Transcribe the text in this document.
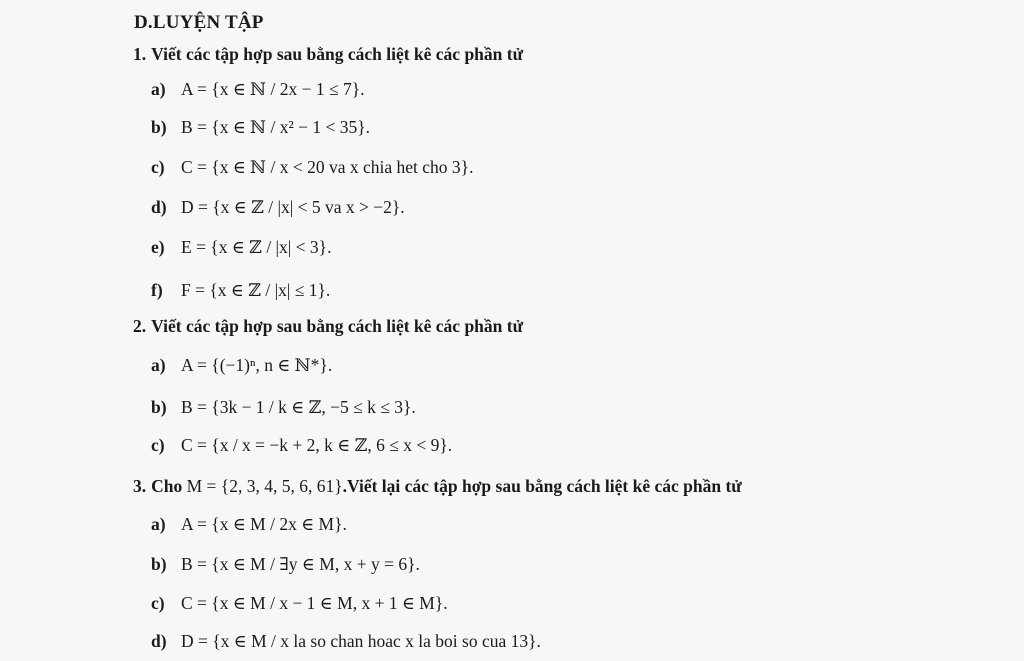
D.LUYỆN TẬP
1. Viết các tập hợp sau bằng cách liệt kê các phần tử
a) A = {x ∈ ℕ / 2x − 1 ≤ 7}.
b) B = {x ∈ ℕ / x² − 1 < 35}.
c) C = {x ∈ ℕ / x < 20 va x chia het cho 3}.
d) D = {x ∈ ℤ / |x| < 5 va x > −2}.
e) E = {x ∈ ℤ / |x| < 3}.
f) F = {x ∈ ℤ / |x| ≤ 1}.
2. Viết các tập hợp sau bằng cách liệt kê các phần tử
a) A = {(−1)ⁿ, n ∈ ℕ*}.
b) B = {3k − 1 / k ∈ ℤ, −5 ≤ k ≤ 3}.
c) C = {x / x = −k + 2, k ∈ ℤ, 6 ≤ x < 9}.
3. Cho M = {2, 3, 4, 5, 6, 61}.Viết lại các tập hợp sau bằng cách liệt kê các phần tử
a) A = {x ∈ M / 2x ∈ M}.
b) B = {x ∈ M / ∃y ∈ M, x + y = 6}.
c) C = {x ∈ M / x − 1 ∈ M, x + 1 ∈ M}.
d) D = {x ∈ M / x la so chan hoac x la boi so cua 13}.
